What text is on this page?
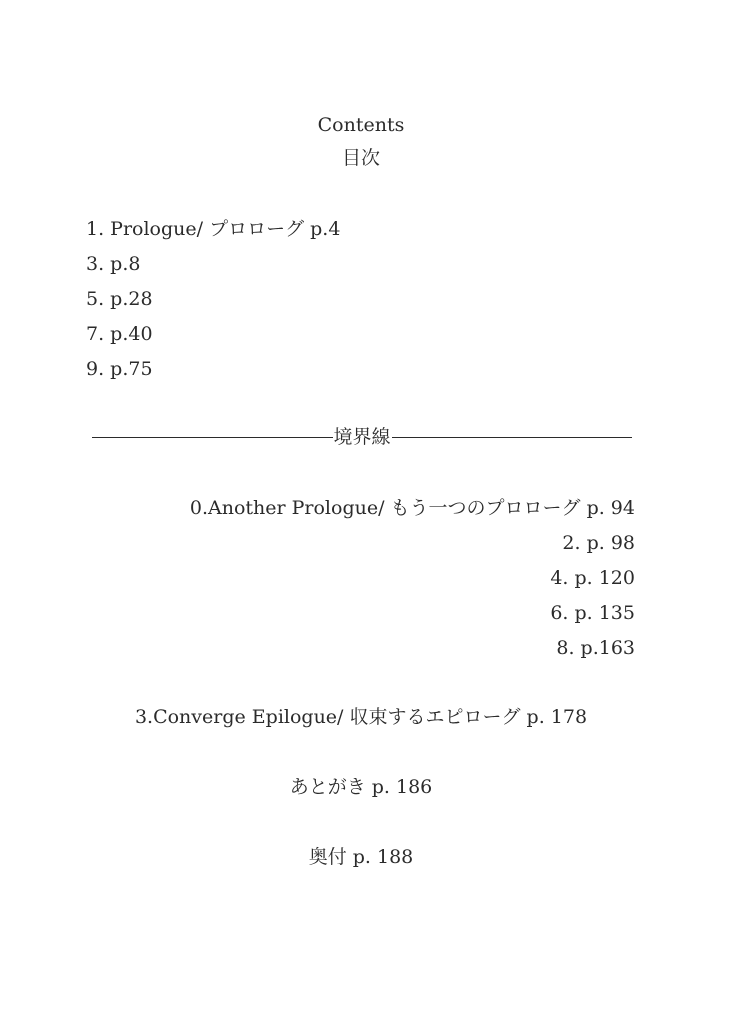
Contents
目次
1. Prologue/ プロローグ p.4
3. p.8
5. p.28
7. p.40
9. p.75
境界線
0.Another Prologue/ もう一つのプロローグ p. 94
2. p. 98
4. p. 120
6. p. 135
8. p.163
3.Converge Epilogue/ 収束するエピローグ p. 178
あとがき p. 186
奥付 p. 188
